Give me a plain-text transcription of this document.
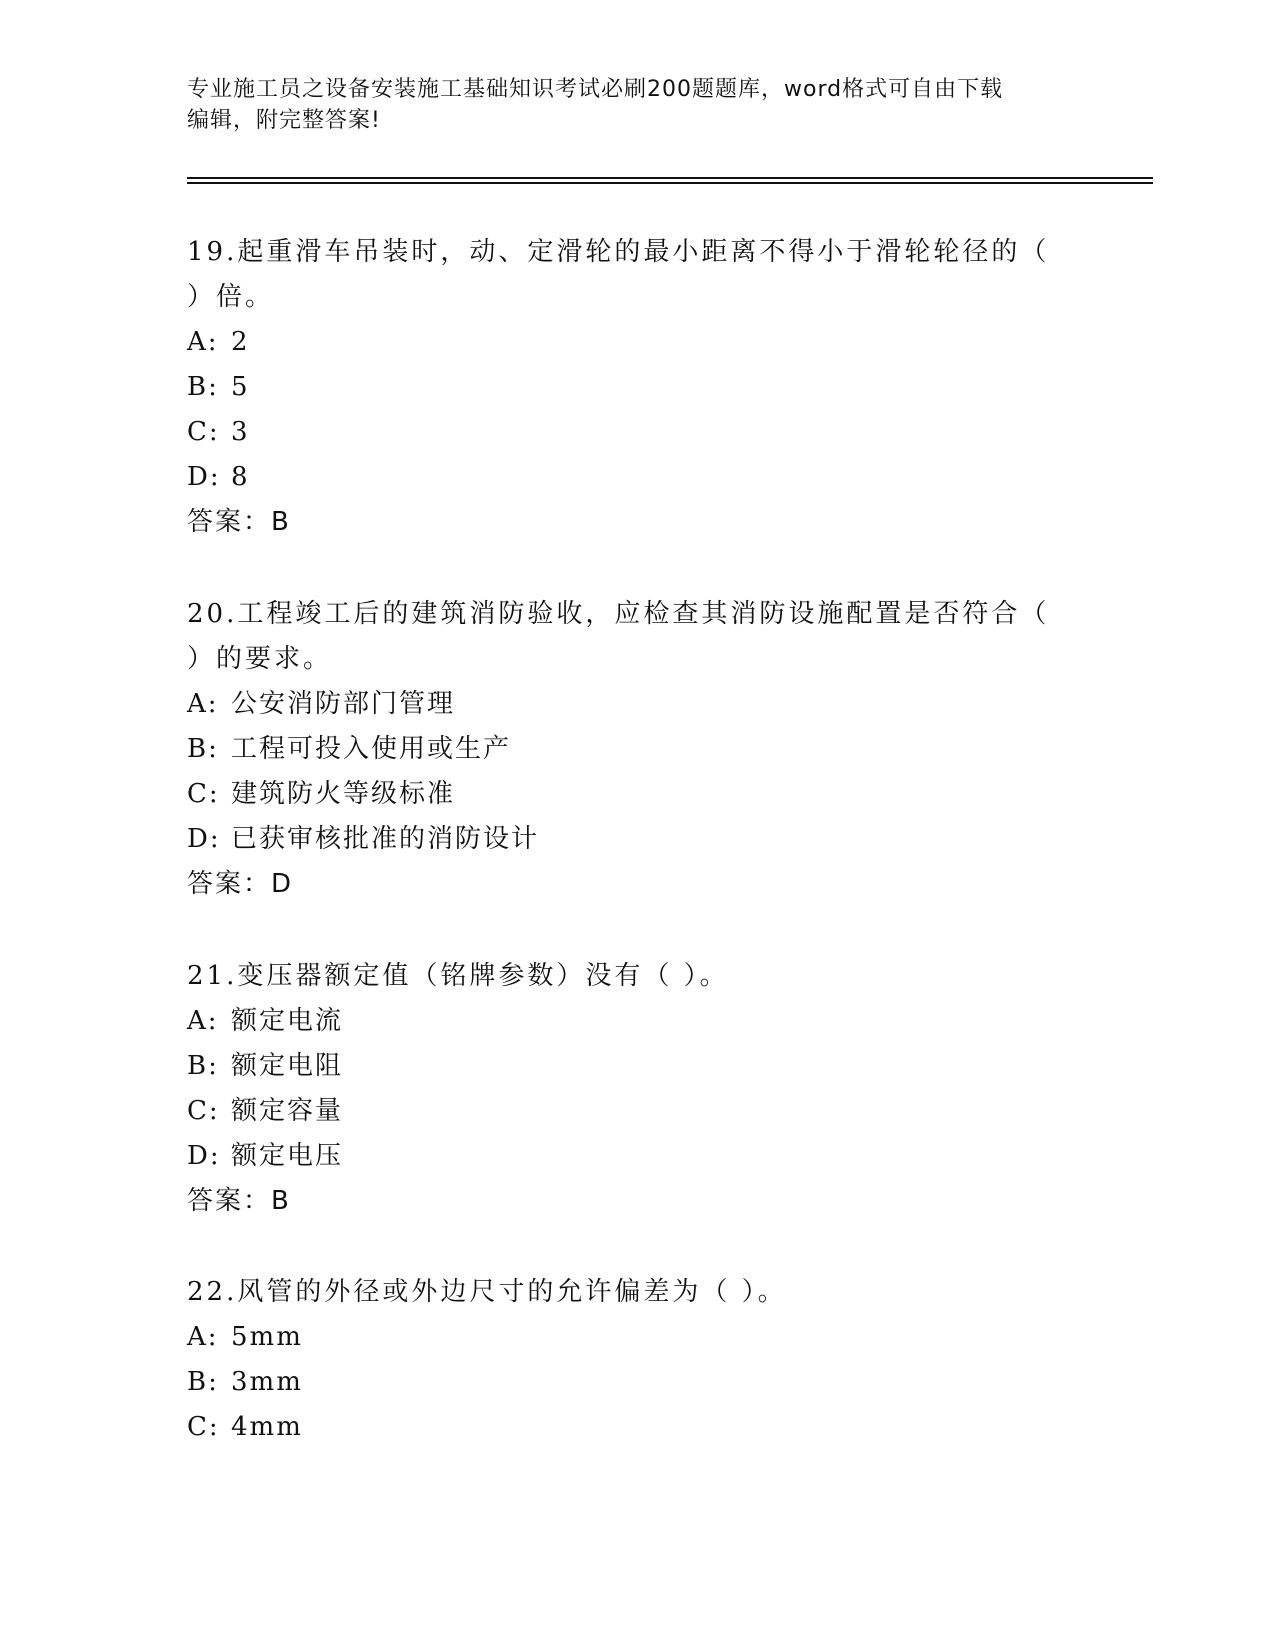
专业施工员之设备安装施工基础知识考试必刷200题题库，word格式可自由下载
编辑，附完整答案!
19.起重滑车吊装时，动、定滑轮的最小距离不得小于滑轮轮径的（
）倍。
A: 2
B: 5
C: 3
D: 8
答案：B
20.工程竣工后的建筑消防验收，应检查其消防设施配置是否符合（
）的要求。
A: 公安消防部门管理
B: 工程可投入使用或生产
C: 建筑防火等级标准
D: 已获审核批准的消防设计
答案：D
21.变压器额定值（铭牌参数）没有（ ）。
A: 额定电流
B: 额定电阻
C: 额定容量
D: 额定电压
答案：B
22.风管的外径或外边尺寸的允许偏差为（ ）。
A: 5mm
B: 3mm
C: 4mm
